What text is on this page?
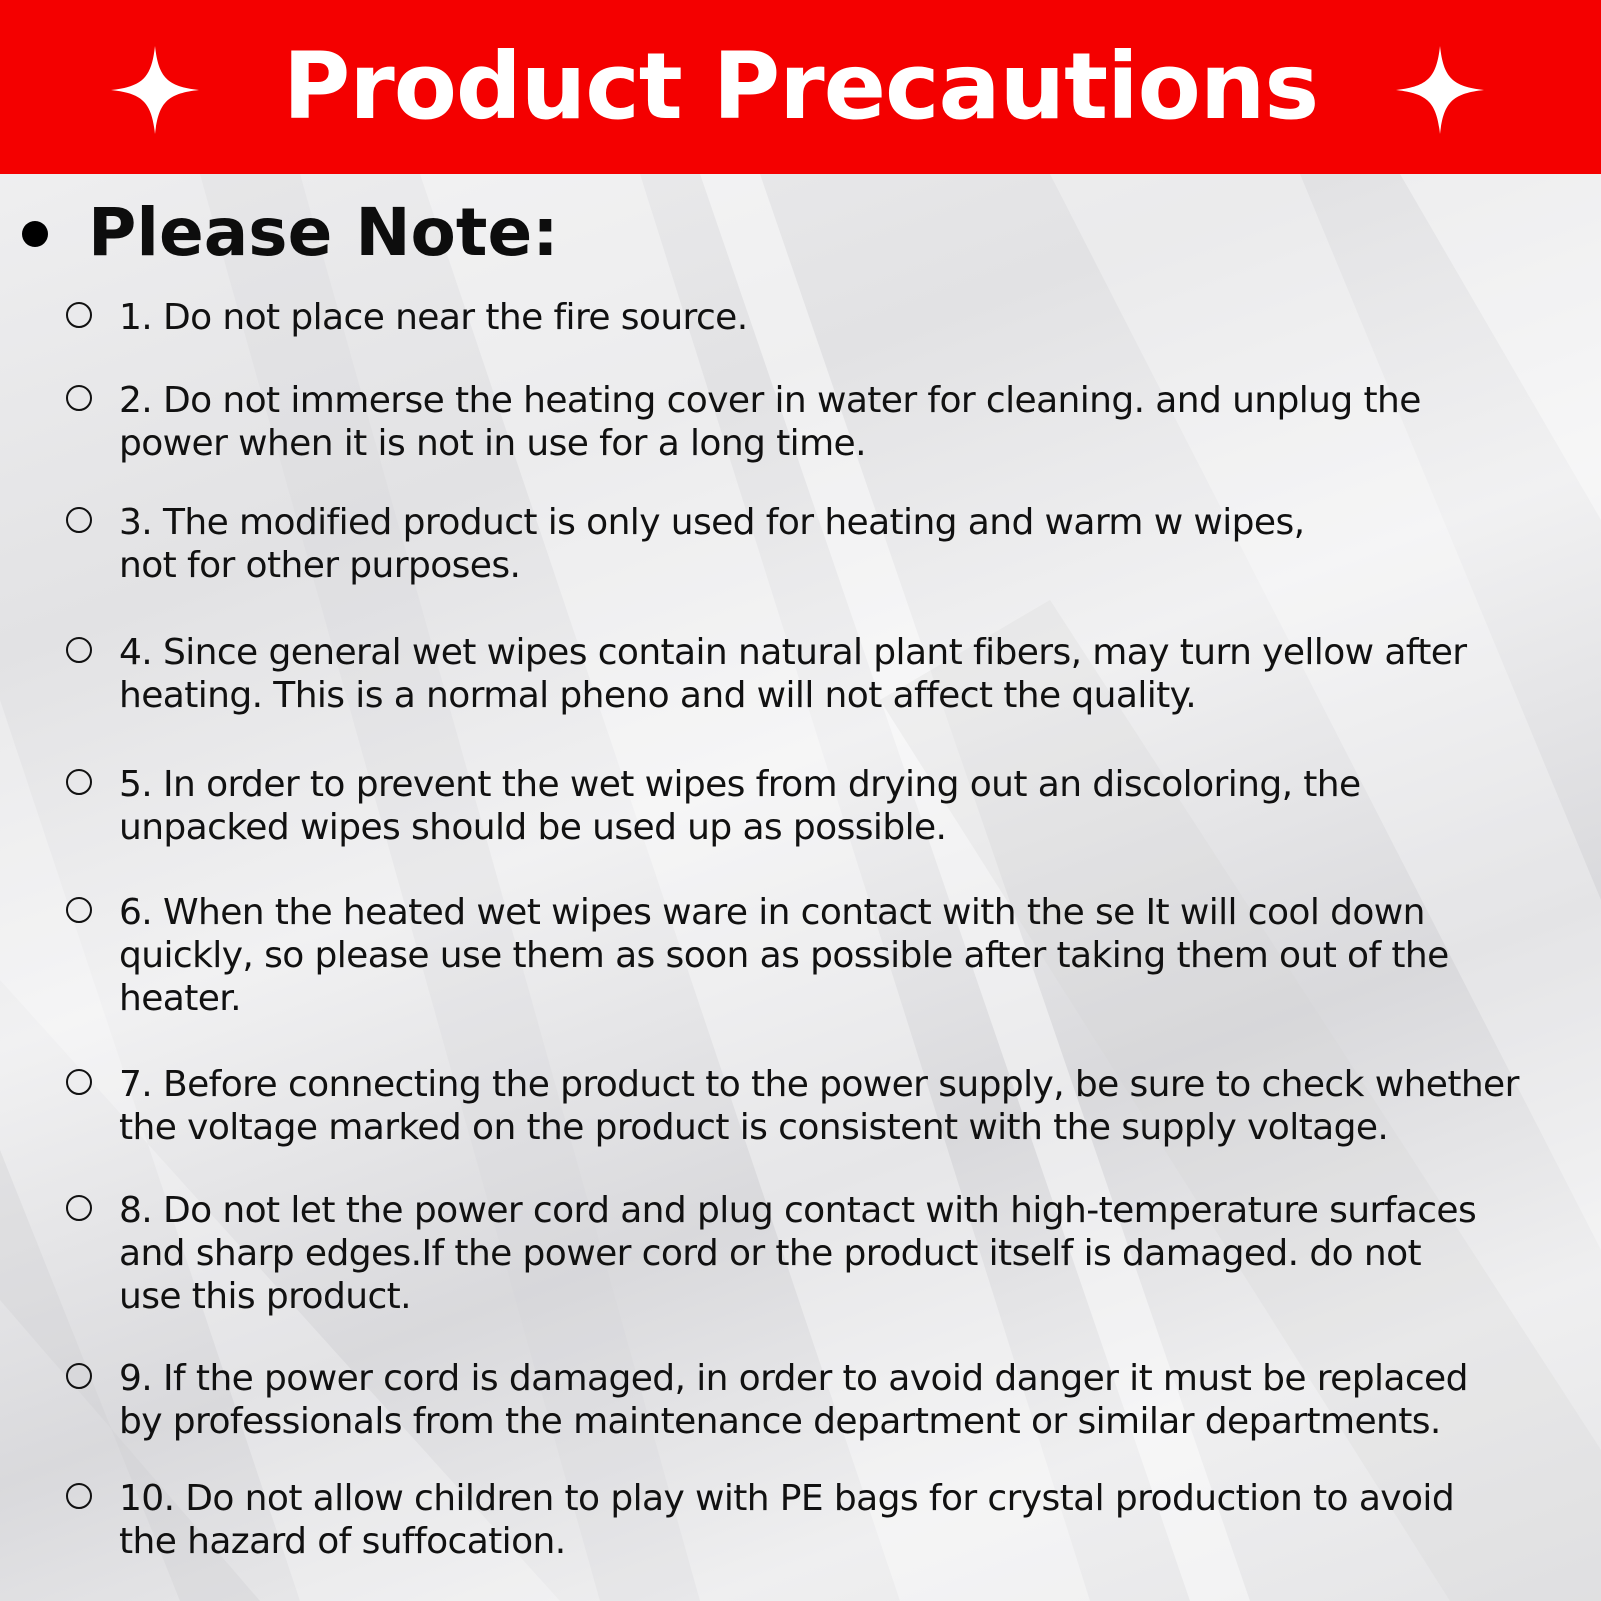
Product Precautions
Please Note:
1. Do not place near the fire source.
2. Do not immerse the heating cover in water for cleaning. and unplug the
power when it is not in use for a long time.
3. The modified product is only used for heating and warm w wipes,
not for other purposes.
4. Since general wet wipes contain natural plant fibers, may turn yellow after
heating. This is a normal pheno and will not affect the quality.
5. In order to prevent the wet wipes from drying out an discoloring, the
unpacked wipes should be used up as possible.
6. When the heated wet wipes ware in contact with the se It will cool down
quickly, so please use them as soon as possible after taking them out of the
heater.
7. Before connecting the product to the power supply, be sure to check whether
the voltage marked on the product is consistent with the supply voltage.
8. Do not let the power cord and plug contact with high-temperature surfaces
and sharp edges.If the power cord or the product itself is damaged. do not
use this product.
9. If the power cord is damaged, in order to avoid danger it must be replaced
by professionals from the maintenance department or similar departments.
10. Do not allow children to play with PE bags for crystal production to avoid
the hazard of suffocation.
